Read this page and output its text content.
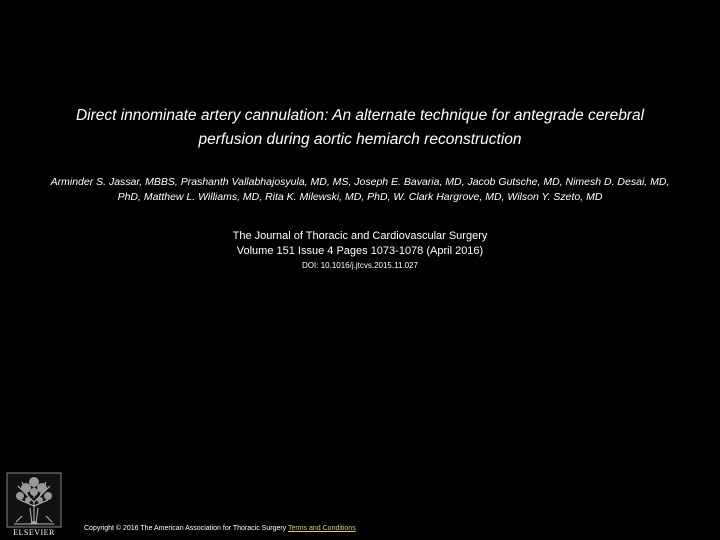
Direct innominate artery cannulation: An alternate technique for antegrade cerebral
perfusion during aortic hemiarch reconstruction
Arminder S. Jassar, MBBS, Prashanth Vallabhajosyula, MD, MS, Joseph E. Bavaria, MD, Jacob Gutsche, MD, Nimesh D. Desai, MD,
PhD, Matthew L. Williams, MD, Rita K. Milewski, MD, PhD, W. Clark Hargrove, MD, Wilson Y. Szeto, MD
The Journal of Thoracic and Cardiovascular Surgery
Volume 151 Issue 4 Pages 1073-1078 (April 2016)
DOI: 10.1016/j.jtcvs.2015.11.027
ELSEVIER	Copyright © 2016 The American Association for Thoracic Surgery Terms and Conditions
